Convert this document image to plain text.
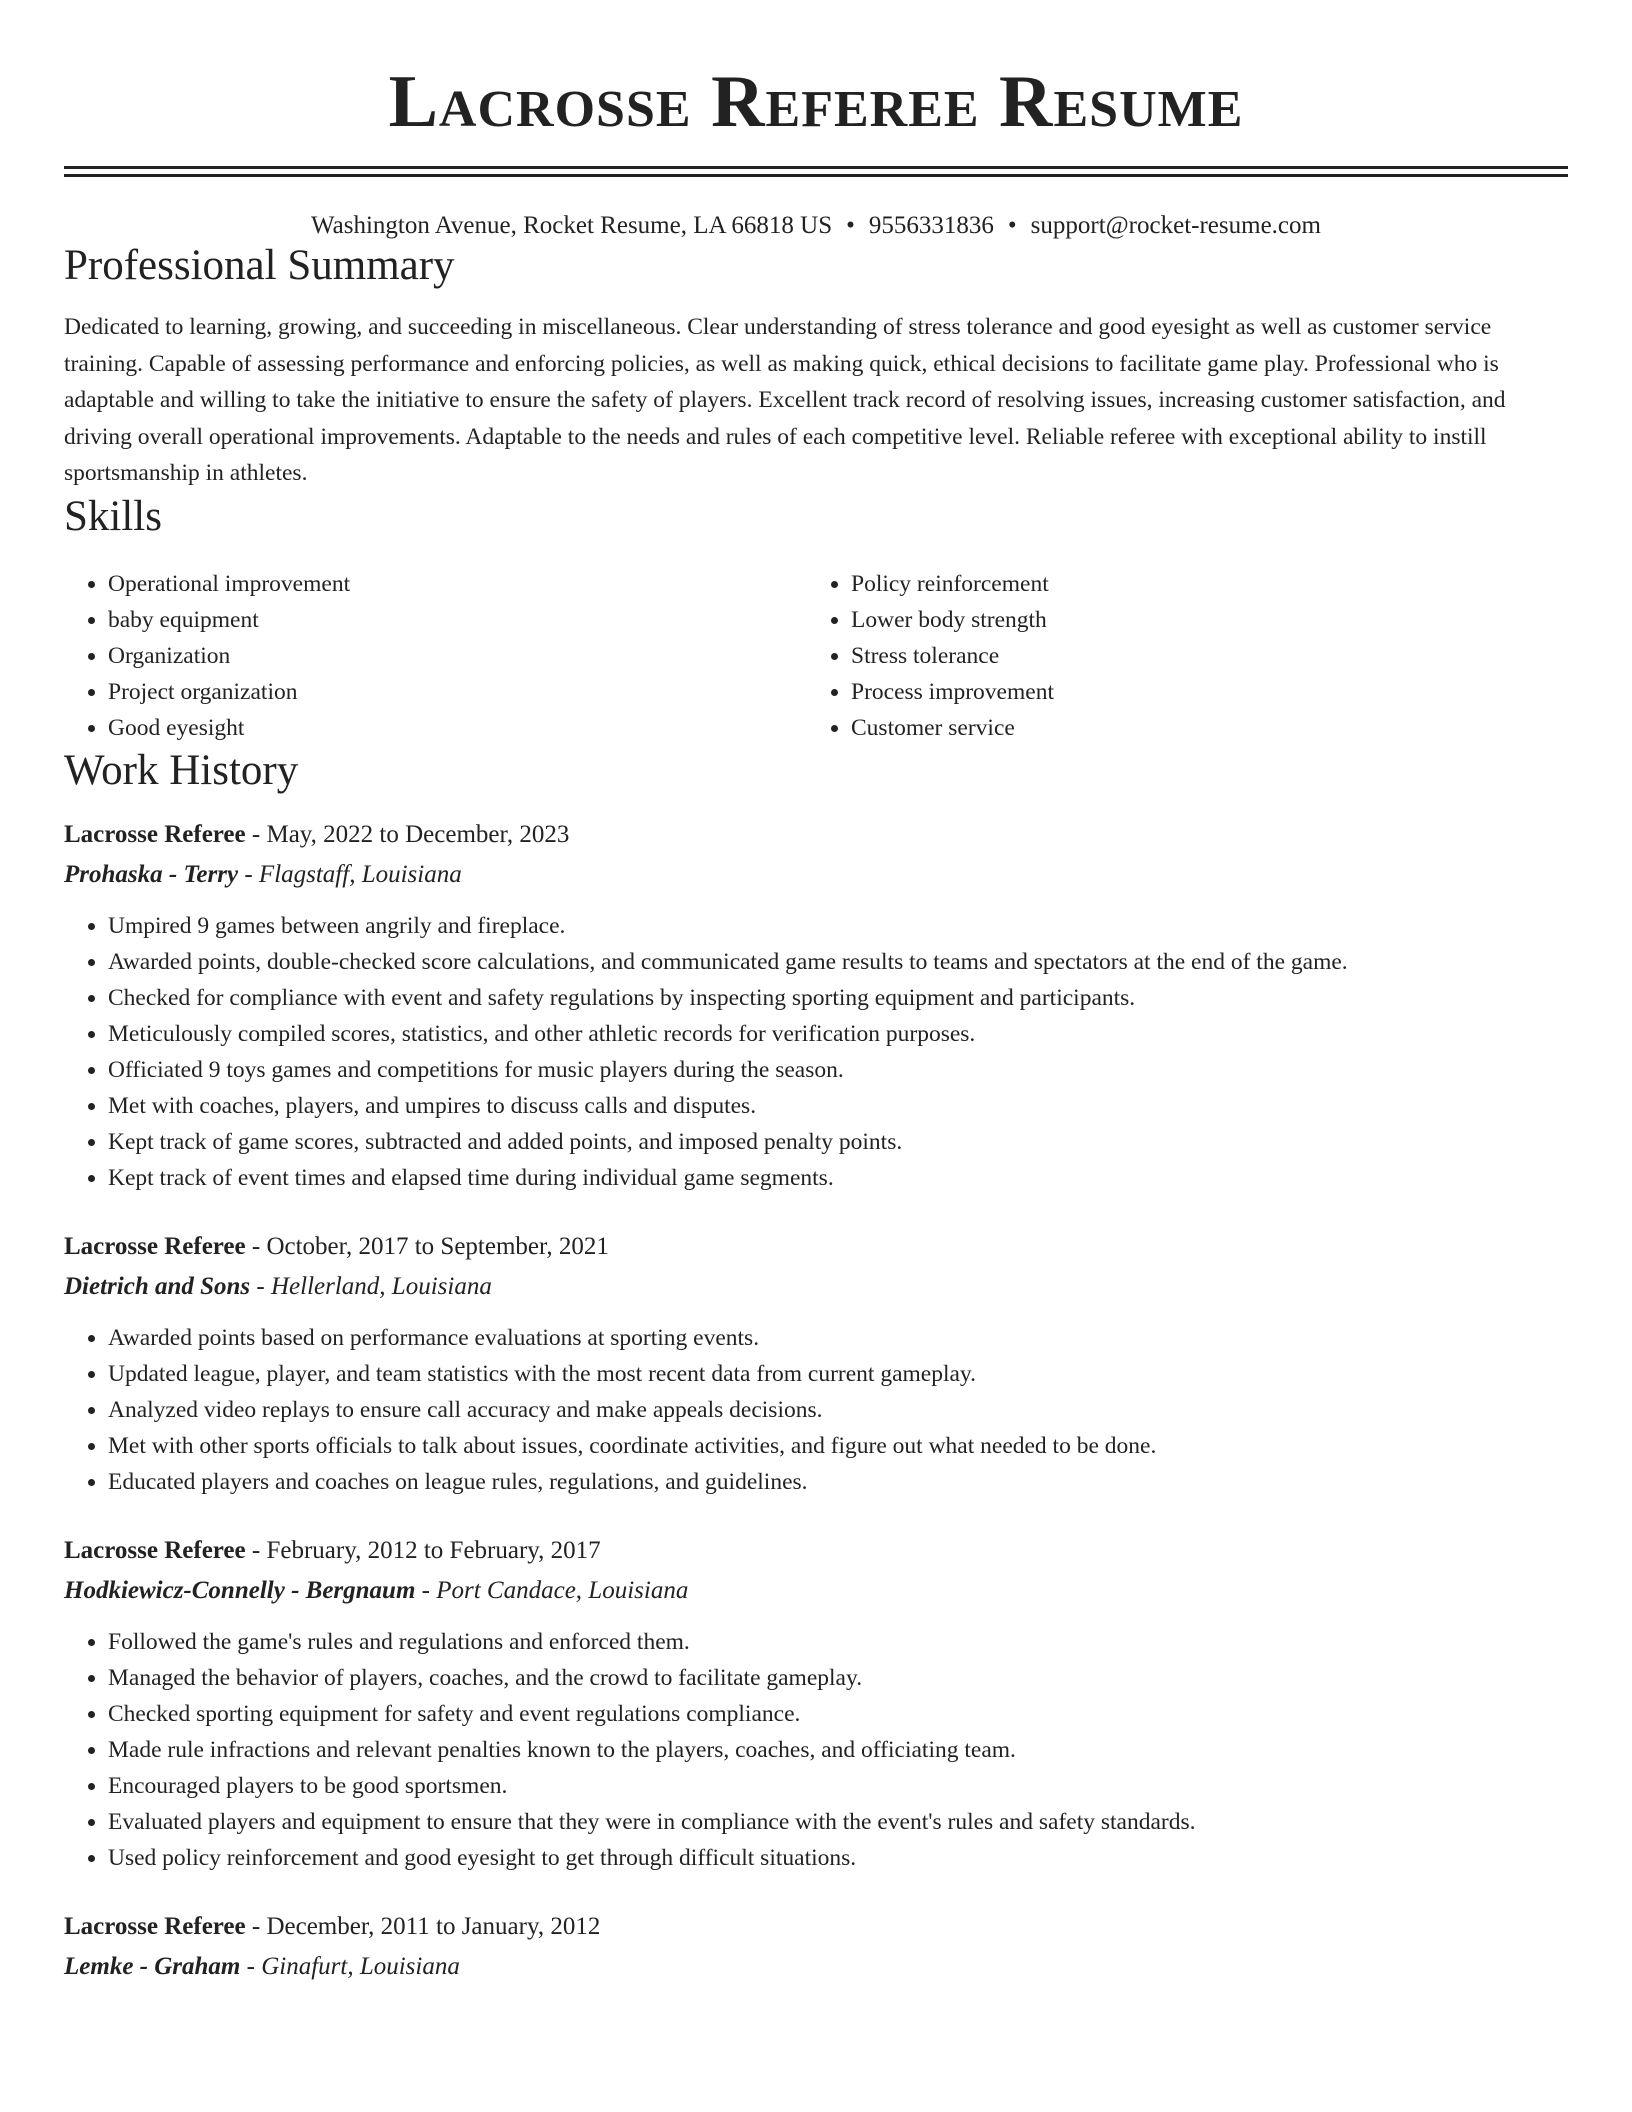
Lacrosse Referee Resume
Washington Avenue, Rocket Resume, LA 66818 US • 9556331836 • support@rocket-resume.com
Professional Summary
Dedicated to learning, growing, and succeeding in miscellaneous. Clear understanding of stress tolerance and good eyesight as well as customer service training. Capable of assessing performance and enforcing policies, as well as making quick, ethical decisions to facilitate game play. Professional who is adaptable and willing to take the initiative to ensure the safety of players. Excellent track record of resolving issues, increasing customer satisfaction, and driving overall operational improvements. Adaptable to the needs and rules of each competitive level. Reliable referee with exceptional ability to instill sportsmanship in athletes.
Skills
• Operational improvement
• baby equipment
• Organization
• Project organization
• Good eyesight
• Policy reinforcement
• Lower body strength
• Stress tolerance
• Process improvement
• Customer service
Work History
Lacrosse Referee - May, 2022 to December, 2023
Prohaska - Terry - Flagstaff, Louisiana
• Umpired 9 games between angrily and fireplace.
• Awarded points, double-checked score calculations, and communicated game results to teams and spectators at the end of the game.
• Checked for compliance with event and safety regulations by inspecting sporting equipment and participants.
• Meticulously compiled scores, statistics, and other athletic records for verification purposes.
• Officiated 9 toys games and competitions for music players during the season.
• Met with coaches, players, and umpires to discuss calls and disputes.
• Kept track of game scores, subtracted and added points, and imposed penalty points.
• Kept track of event times and elapsed time during individual game segments.
Lacrosse Referee - October, 2017 to September, 2021
Dietrich and Sons - Hellerland, Louisiana
• Awarded points based on performance evaluations at sporting events.
• Updated league, player, and team statistics with the most recent data from current gameplay.
• Analyzed video replays to ensure call accuracy and make appeals decisions.
• Met with other sports officials to talk about issues, coordinate activities, and figure out what needed to be done.
• Educated players and coaches on league rules, regulations, and guidelines.
Lacrosse Referee - February, 2012 to February, 2017
Hodkiewicz-Connelly - Bergnaum - Port Candace, Louisiana
• Followed the game's rules and regulations and enforced them.
• Managed the behavior of players, coaches, and the crowd to facilitate gameplay.
• Checked sporting equipment for safety and event regulations compliance.
• Made rule infractions and relevant penalties known to the players, coaches, and officiating team.
• Encouraged players to be good sportsmen.
• Evaluated players and equipment to ensure that they were in compliance with the event's rules and safety standards.
• Used policy reinforcement and good eyesight to get through difficult situations.
Lacrosse Referee - December, 2011 to January, 2012
Lemke - Graham - Ginafurt, Louisiana
